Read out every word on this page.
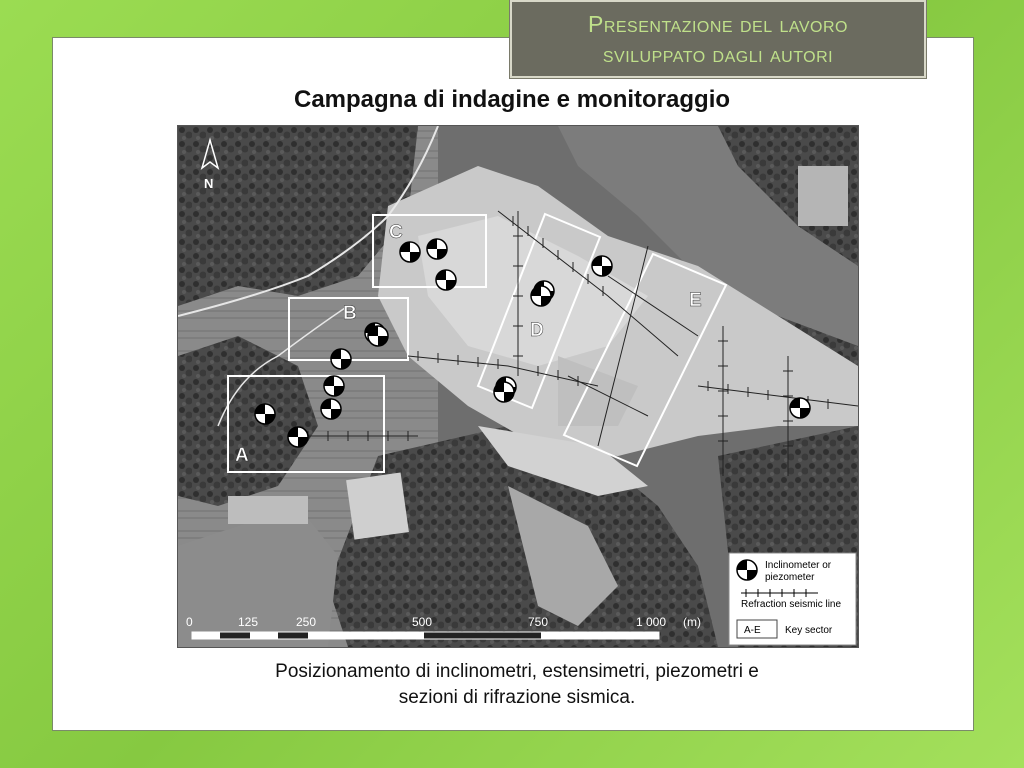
Presentazione del lavoro
sviluppato dagli autori
Campagna di indagine e monitoraggio
N
C
B
A
D
E
0	125	250	500	750	1 000 (m)
Inclinometer or
piezometer
Refraction seismic line
A-E Key sector
Posizionamento di inclinometri, estensimetri, piezometri e
sezioni di rifrazione sismica.
